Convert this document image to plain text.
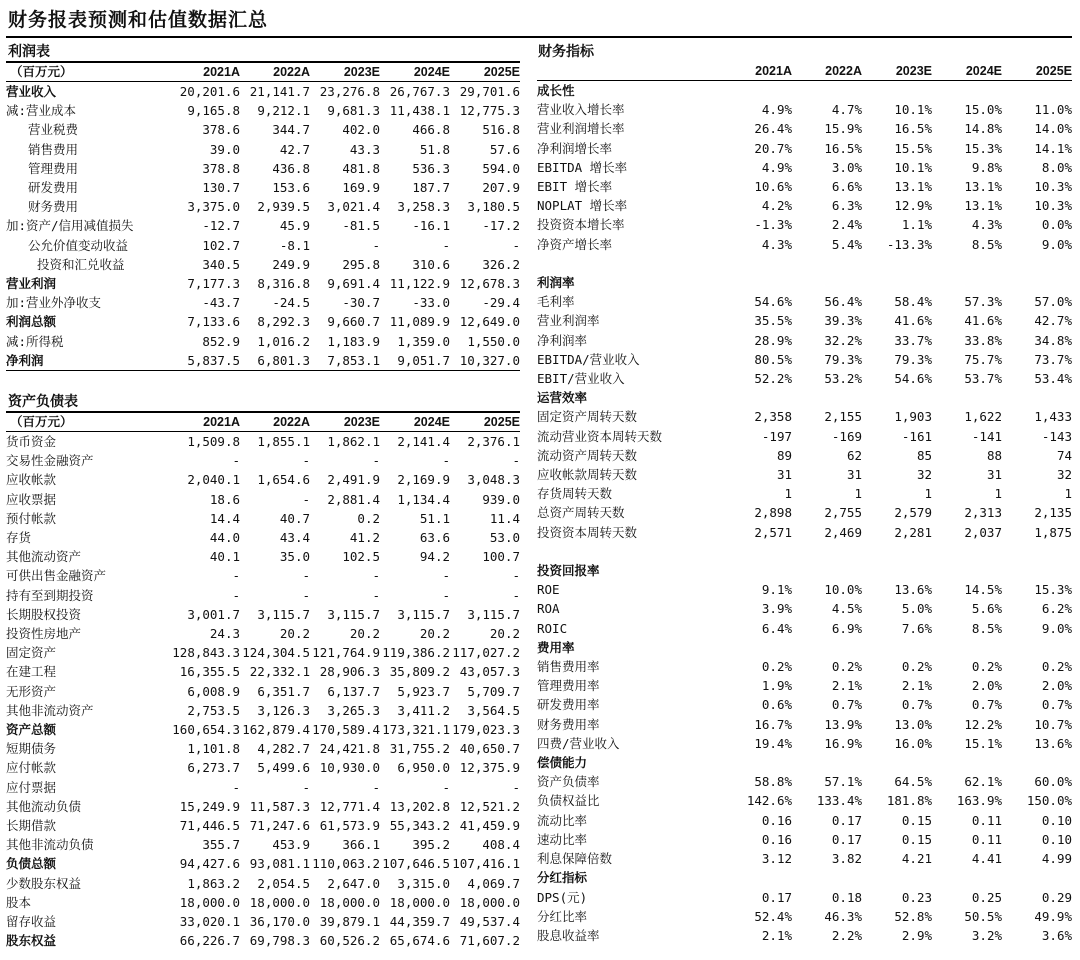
财务报表预测和估值数据汇总
利润表
（百万元）	2021A	2022A	2023E	2024E	2025E
营业收入	20,201.6	21,141.7	23,276.8	26,767.3	29,701.6
减:营业成本	9,165.8	9,212.1	9,681.3	11,438.1	12,775.3
营业税费	378.6	344.7	402.0	466.8	516.8
销售费用	39.0	42.7	43.3	51.8	57.6
管理费用	378.8	436.8	481.8	536.3	594.0
研发费用	130.7	153.6	169.9	187.7	207.9
财务费用	3,375.0	2,939.5	3,021.4	3,258.3	3,180.5
加:资产/信用减值损失	-12.7	45.9	-81.5	-16.1	-17.2
公允价值变动收益	102.7	-8.1	-	-	-
投资和汇兑收益	340.5	249.9	295.8	310.6	326.2
营业利润	7,177.3	8,316.8	9,691.4	11,122.9	12,678.3
加:营业外净收支	-43.7	-24.5	-30.7	-33.0	-29.4
利润总额	7,133.6	8,292.3	9,660.7	11,089.9	12,649.0
减:所得税	852.9	1,016.2	1,183.9	1,359.0	1,550.0
净利润	5,837.5	6,801.3	7,853.1	9,051.7	10,327.0
资产负债表
（百万元）	2021A	2022A	2023E	2024E	2025E
货币资金	1,509.8	1,855.1	1,862.1	2,141.4	2,376.1
交易性金融资产	-	-	-	-	-
应收帐款	2,040.1	1,654.6	2,491.9	2,169.9	3,048.3
应收票据	18.6	-	2,881.4	1,134.4	939.0
预付帐款	14.4	40.7	0.2	51.1	11.4
存货	44.0	43.4	41.2	63.6	53.0
其他流动资产	40.1	35.0	102.5	94.2	100.7
可供出售金融资产	-	-	-	-	-
持有至到期投资	-	-	-	-	-
长期股权投资	3,001.7	3,115.7	3,115.7	3,115.7	3,115.7
投资性房地产	24.3	20.2	20.2	20.2	20.2
固定资产	128,843.3	124,304.5	121,764.9	119,386.2	117,027.2
在建工程	16,355.5	22,332.1	28,906.3	35,809.2	43,057.3
无形资产	6,008.9	6,351.7	6,137.7	5,923.7	5,709.7
其他非流动资产	2,753.5	3,126.3	3,265.3	3,411.2	3,564.5
资产总额	160,654.3	162,879.4	170,589.4	173,321.1	179,023.3
短期债务	1,101.8	4,282.7	24,421.8	31,755.2	40,650.7
应付帐款	6,273.7	5,499.6	10,930.0	6,950.0	12,375.9
应付票据	-	-	-	-	-
其他流动负债	15,249.9	11,587.3	12,771.4	13,202.8	12,521.2
长期借款	71,446.5	71,247.6	61,573.9	55,343.2	41,459.9
其他非流动负债	355.7	453.9	366.1	395.2	408.4
负债总额	94,427.6	93,081.1	110,063.2	107,646.5	107,416.1
少数股东权益	1,863.2	2,054.5	2,647.0	3,315.0	4,069.7
股本	18,000.0	18,000.0	18,000.0	18,000.0	18,000.0
留存收益	33,020.1	36,170.0	39,879.1	44,359.7	49,537.4
股东权益	66,226.7	69,798.3	60,526.2	65,674.6	71,607.2
财务指标
	2021A	2022A	2023E	2024E	2025E
成长性					
营业收入增长率	4.9%	4.7%	10.1%	15.0%	11.0%
营业利润增长率	26.4%	15.9%	16.5%	14.8%	14.0%
净利润增长率	20.7%	16.5%	15.5%	15.3%	14.1%
EBITDA 增长率	4.9%	3.0%	10.1%	9.8%	8.0%
EBIT 增长率	10.6%	6.6%	13.1%	13.1%	10.3%
NOPLAT 增长率	4.2%	6.3%	12.9%	13.1%	10.3%
投资资本增长率	-1.3%	2.4%	1.1%	4.3%	0.0%
净资产增长率	4.3%	5.4%	-13.3%	8.5%	9.0%

利润率					
毛利率	54.6%	56.4%	58.4%	57.3%	57.0%
营业利润率	35.5%	39.3%	41.6%	41.6%	42.7%
净利润率	28.9%	32.2%	33.7%	33.8%	34.8%
EBITDA/营业收入	80.5%	79.3%	79.3%	75.7%	73.7%
EBIT/营业收入	52.2%	53.2%	54.6%	53.7%	53.4%
运营效率					
固定资产周转天数	2,358	2,155	1,903	1,622	1,433
流动营业资本周转天数	-197	-169	-161	-141	-143
流动资产周转天数	89	62	85	88	74
应收帐款周转天数	31	31	32	31	32
存货周转天数	1	1	1	1	1
总资产周转天数	2,898	2,755	2,579	2,313	2,135
投资资本周转天数	2,571	2,469	2,281	2,037	1,875

投资回报率					
ROE	9.1%	10.0%	13.6%	14.5%	15.3%
ROA	3.9%	4.5%	5.0%	5.6%	6.2%
ROIC	6.4%	6.9%	7.6%	8.5%	9.0%
费用率					
销售费用率	0.2%	0.2%	0.2%	0.2%	0.2%
管理费用率	1.9%	2.1%	2.1%	2.0%	2.0%
研发费用率	0.6%	0.7%	0.7%	0.7%	0.7%
财务费用率	16.7%	13.9%	13.0%	12.2%	10.7%
四费/营业收入	19.4%	16.9%	16.0%	15.1%	13.6%
偿债能力					
资产负债率	58.8%	57.1%	64.5%	62.1%	60.0%
负债权益比	142.6%	133.4%	181.8%	163.9%	150.0%
流动比率	0.16	0.17	0.15	0.11	0.10
速动比率	0.16	0.17	0.15	0.11	0.10
利息保障倍数	3.12	3.82	4.21	4.41	4.99
分红指标					
DPS(元)	0.17	0.18	0.23	0.25	0.29
分红比率	52.4%	46.3%	52.8%	50.5%	49.9%
股息收益率	2.1%	2.2%	2.9%	3.2%	3.6%
